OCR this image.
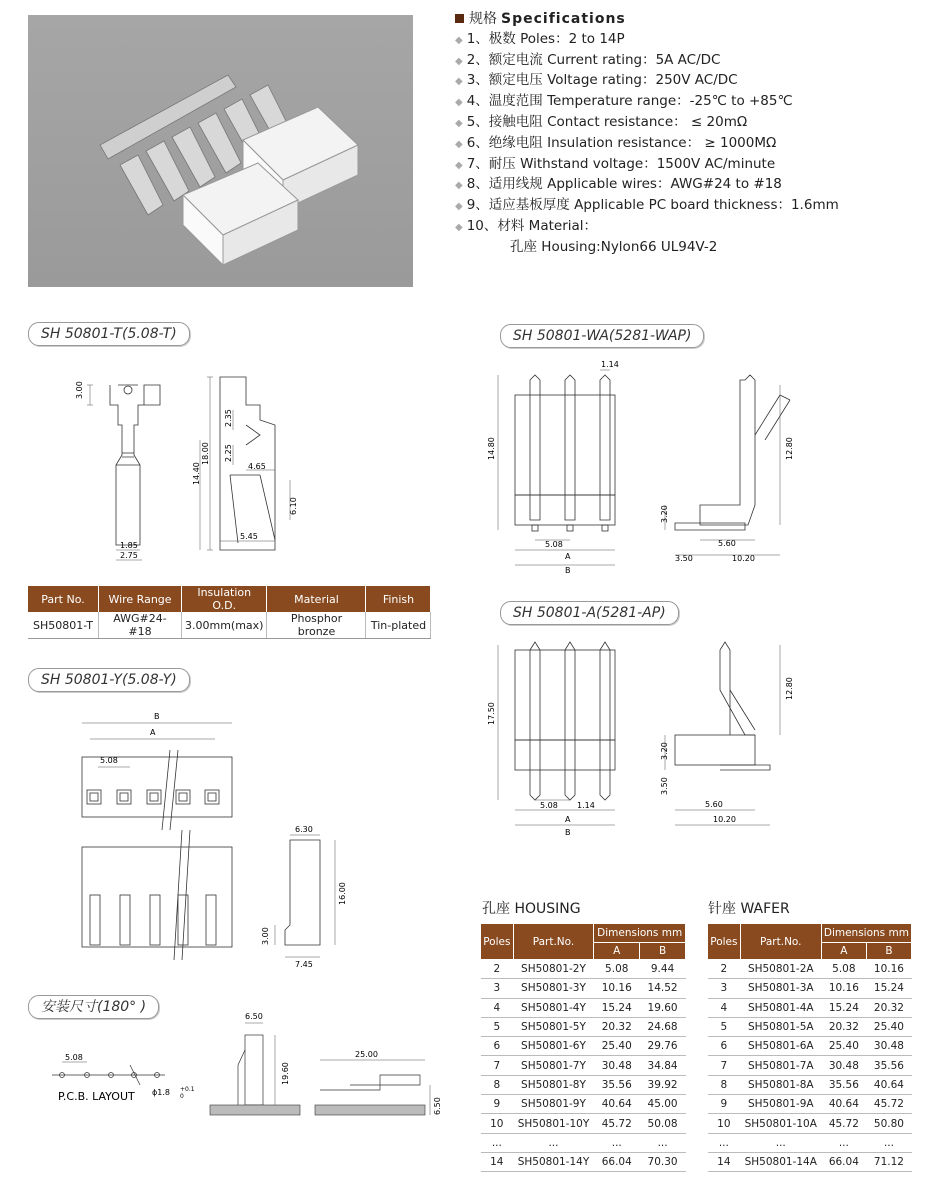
规格 Specifications
◆ 1、极数 Poles：2 to 14P
◆ 2、额定电流 Current rating：5A AC/DC
◆ 3、额定电压 Voltage rating：250V AC/DC
◆ 4、温度范围 Temperature range：-25℃ to +85℃
◆ 5、接触电阻 Contact resistance： ≤ 20mΩ
◆ 6、绝缘电阻 Insulation resistance： ≥ 1000MΩ
◆ 7、耐压 Withstand voltage：1500V AC/minute
◆ 8、适用线规 Applicable wires：AWG#24 to #18
◆ 9、适应基板厚度 Applicable PC board thickness：1.6mm
◆ 10、材料 Material：
孔座 Housing:Nylon66 UL94V-2
SH 50801-T(5.08-T)	SH 50801-WA(5281-WAP)
SH 50801-A(5281-AP)
SH 50801-Y(5.08-Y)
安装尺寸(180° )
3.00
18.00
14.40
2.35
2.25
4.65
6.10
5.45
1.85
2.75
Part No.	Wire Range	Insulation O.D.	Material	Finish
SH50801-T	AWG#24-#18	3.00mm(max)	Phosphor bronze	Tin-plated
1.14
14.80	12.80
3.20
5.08
A
B
5.60
3.50	10.20
17.50
12.80
3.20
3.50
5.08 1.14
A
B
5.60
10.20
B
A
5.08
6.30
16.00
3.00
7.45
5.08
ϕ1.8 +0.1
0
P.C.B. LAYOUT
6.50
19.60
25.00
6.50
孔座 HOUSING
Poles	Part.No.	Dimensions mm	
		A	B
2	SH50801-2Y	5.08	9.44
3	SH50801-3Y	10.16	14.52
4	SH50801-4Y	15.24	19.60
5	SH50801-5Y	20.32	24.68
6	SH50801-6Y	25.40	29.76
7	SH50801-7Y	30.48	34.84
8	SH50801-8Y	35.56	39.92
9	SH50801-9Y	40.64	45.00
10	SH50801-10Y	45.72	50.08
...	...	...	...
14	SH50801-14Y	66.04	70.30
针座 WAFER
Poles	Part.No.	Dimensions mm	
		A	B
2	SH50801-2A	5.08	10.16
3	SH50801-3A	10.16	15.24
4	SH50801-4A	15.24	20.32
5	SH50801-5A	20.32	25.40
6	SH50801-6A	25.40	30.48
7	SH50801-7A	30.48	35.56
8	SH50801-8A	35.56	40.64
9	SH50801-9A	40.64	45.72
10	SH50801-10A	45.72	50.80
...	...	...	...
14	SH50801-14A	66.04	71.12
